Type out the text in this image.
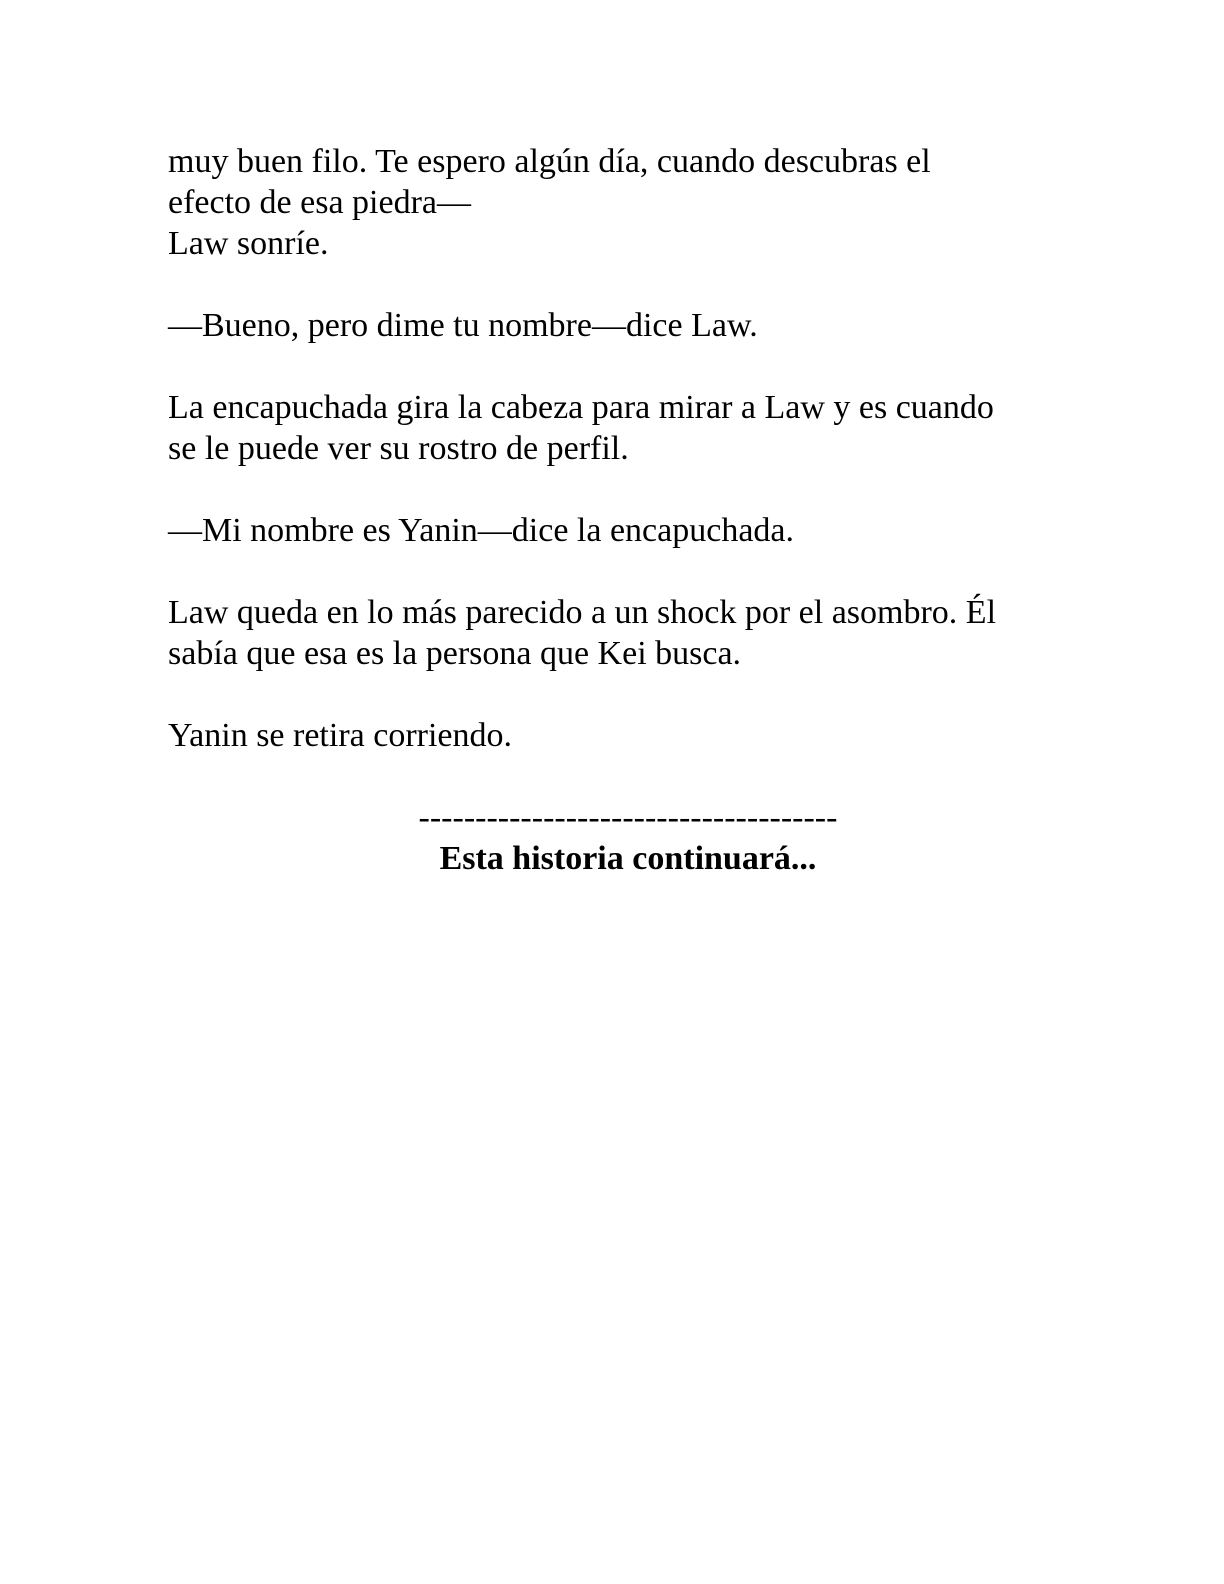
muy buen filo. Te espero algún día, cuando descubras el
efecto de esa piedra—
Law sonríe.

—Bueno, pero dime tu nombre—dice Law.

La encapuchada gira la cabeza para mirar a Law y es cuando
se le puede ver su rostro de perfil.

—Mi nombre es Yanin—dice la encapuchada.

Law queda en lo más parecido a un shock por el asombro. Él
sabía que esa es la persona que Kei busca.

Yanin se retira corriendo.

-------------------------------------
Esta historia continuará...
